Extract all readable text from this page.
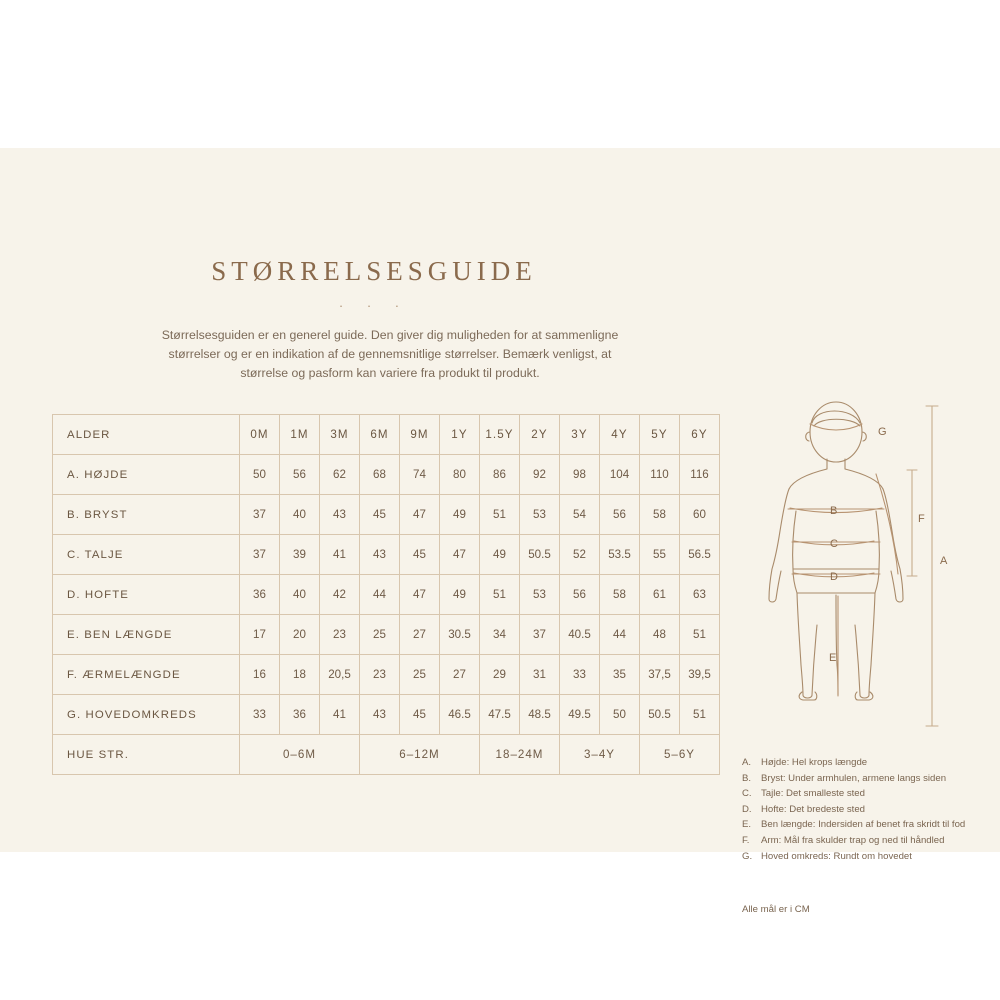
STØRRELSESGUIDE
· · ·
Størrelsesguiden er en generel guide. Den giver dig muligheden for at sammenligne størrelser og er en indikation af de gennemsnitlige størrelser. Bemærk venligst, at størrelse og pasform kan variere fra produkt til produkt.
ALDER	0M	1M	3M	6M	9M	1Y	1.5Y	2Y	3Y	4Y	5Y	6Y
A. HØJDE	50	56	62	68	74	80	86	92	98	104	110	116
B. BRYST	37	40	43	45	47	49	51	53	54	56	58	60
C. TALJE	37	39	41	43	45	47	49	50.5	52	53.5	55	56.5
D. HOFTE	36	40	42	44	47	49	51	53	56	58	61	63
E. BEN LÆNGDE	17	20	23	25	27	30.5	34	37	40.5	44	48	51
F. ÆRMELÆNGDE	16	18	20,5	23	25	27	29	31	33	35	37,5	39,5
G. HOVEDOMKREDS	33	36	41	43	45	46.5	47.5	48.5	49.5	50	50.5	51
HUE STR.	0–6M			6–12M			18–24M		3–4Y		5–6Y	
G
B
C
D
E
F
A
A.	Højde: Hel krops længde
B.	Bryst: Under armhulen, armene langs siden
C. Tajle: Det smalleste sted
D. Hofte: Det bredeste sted
E.	Ben længde: Indersiden af benet fra skridt til fod
F.	Arm: Mål fra skulder trap og ned til håndled
G. Hoved omkreds: Rundt om hovedet
Alle mål er i CM
